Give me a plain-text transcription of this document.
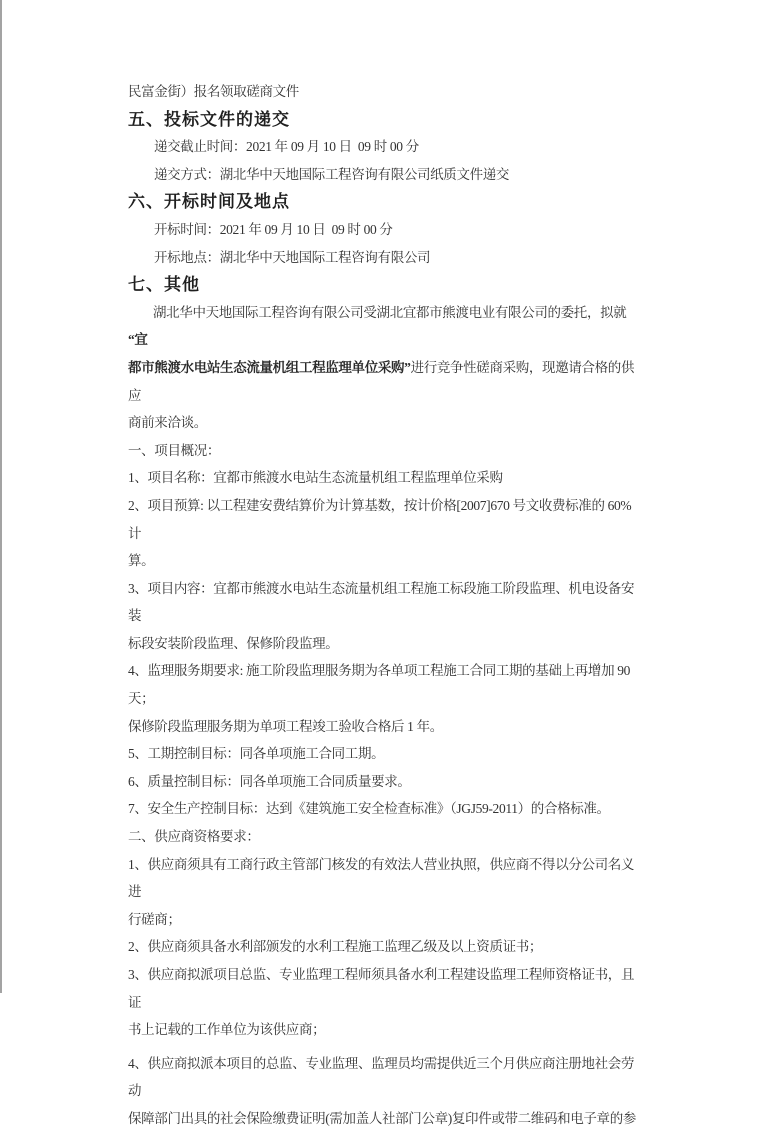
民富金街）报名领取磋商文件

五、投标文件的递交

递交截止时间：2021 年 09 月 10 日  09 时 00 分

递交方式：湖北华中天地国际工程咨询有限公司纸质文件递交

六、开标时间及地点

开标时间：2021 年 09 月 10 日  09 时 00 分

开标地点：湖北华中天地国际工程咨询有限公司

七、其他

湖北华中天地国际工程咨询有限公司受湖北宜都市熊渡电业有限公司的委托，拟就“宜

都市熊渡水电站生态流量机组工程监理单位采购”进行竞争性磋商采购，现邀请合格的供应

商前来洽谈。

一、项目概况：

1、项目名称：宜都市熊渡水电站生态流量机组工程监理单位采购

2、项目预算: 以工程建安费结算价为计算基数，按计价格[2007]670 号文收费标准的 60%计

算。

3、项目内容：宜都市熊渡水电站生态流量机组工程施工标段施工阶段监理、机电设备安装

标段安装阶段监理、保修阶段监理。

4、监理服务期要求: 施工阶段监理服务期为各单项工程施工合同工期的基础上再增加 90 天；

保修阶段监理服务期为单项工程竣工验收合格后 1 年。

5、工期控制目标：同各单项施工合同工期。

6、质量控制目标：同各单项施工合同质量要求。

7、安全生产控制目标：达到《建筑施工安全检查标准》（JGJ59-2011）的合格标准。

二、供应商资格要求：

1、供应商须具有工商行政主管部门核发的有效法人营业执照，供应商不得以分公司名义进

行磋商；

2、供应商须具备水利部颁发的水利工程施工监理乙级及以上资质证书；

3、供应商拟派项目总监、专业监理工程师须具备水利工程建设监理工程师资格证书，且证

书上记载的工作单位为该供应商；

4、供应商拟派本项目的总监、专业监理、监理员均需提供近三个月供应商注册地社会劳动

保障部门出具的社会保险缴费证明(需加盖人社部门公章)复印件或带二维码和电子章的参
